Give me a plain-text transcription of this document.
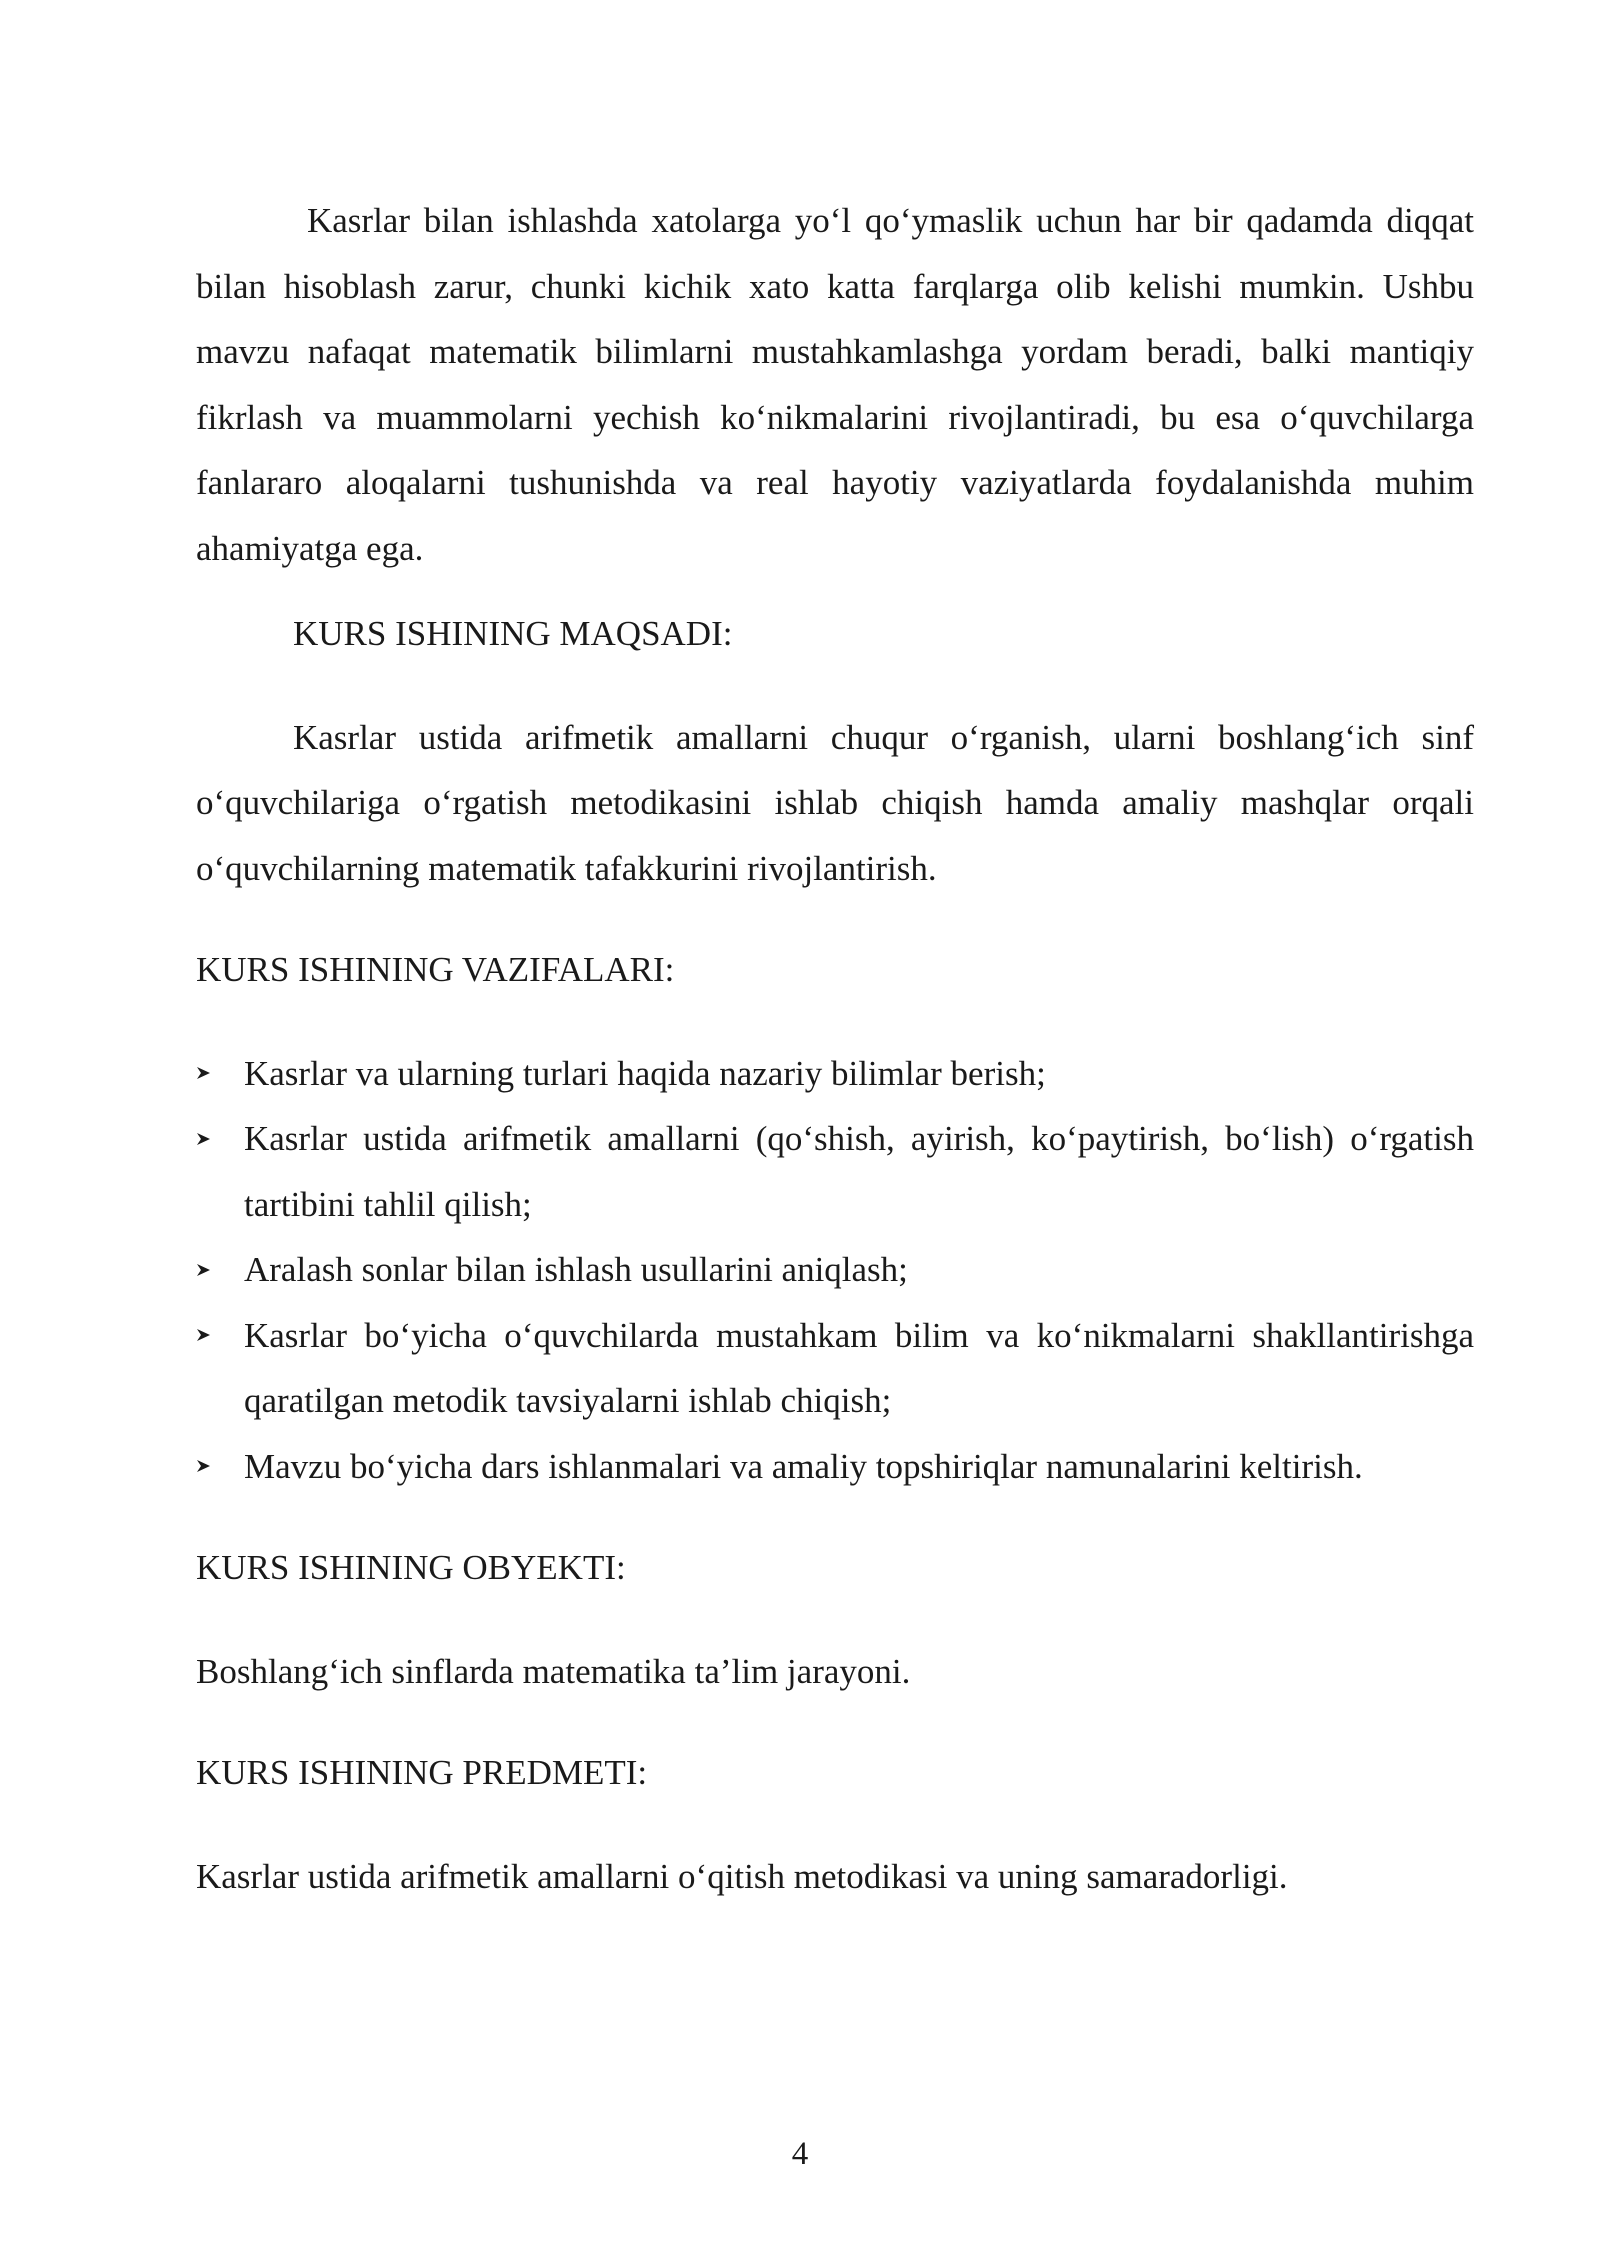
Kasrlar bilan ishlashda xatolarga yo‘l qo‘ymaslik uchun har bir qadamda diqqat bilan hisoblash zarur, chunki kichik xato katta farqlarga olib kelishi mumkin. Ushbu mavzu nafaqat matematik bilimlarni mustahkamlashga yordam beradi, balki mantiqiy fikrlash va muammolarni yechish ko‘nikmalarini rivojlantiradi, bu esa o‘quvchilarga fanlararo aloqalarni tushunishda va real hayotiy vaziyatlarda foydalanishda muhim ahamiyatga ega.

KURS ISHINING MAQSADI:

Kasrlar ustida arifmetik amallarni chuqur o‘rganish, ularni boshlang‘ich sinf o‘quvchilariga o‘rgatish metodikasini ishlab chiqish hamda amaliy mashqlar orqali o‘quvchilarning matematik tafakkurini rivojlantirish.

KURS ISHINING VAZIFALARI:

Kasrlar va ularning turlari haqida nazariy bilimlar berish;
Kasrlar ustida arifmetik amallarni (qo‘shish, ayirish, ko‘paytirish, bo‘lish) o‘rgatish tartibini tahlil qilish;
Aralash sonlar bilan ishlash usullarini aniqlash;
Kasrlar bo‘yicha o‘quvchilarda mustahkam bilim va ko‘nikmalarni shakllantirishga qaratilgan metodik tavsiyalarni ishlab chiqish;
Mavzu bo‘yicha dars ishlanmalari va amaliy topshiriqlar namunalarini keltirish.

KURS ISHINING OBYEKTI:

Boshlang‘ich sinflarda matematika ta’lim jarayoni.

KURS ISHINING PREDMETI:

Kasrlar ustida arifmetik amallarni o‘qitish metodikasi va uning samaradorligi.

4
